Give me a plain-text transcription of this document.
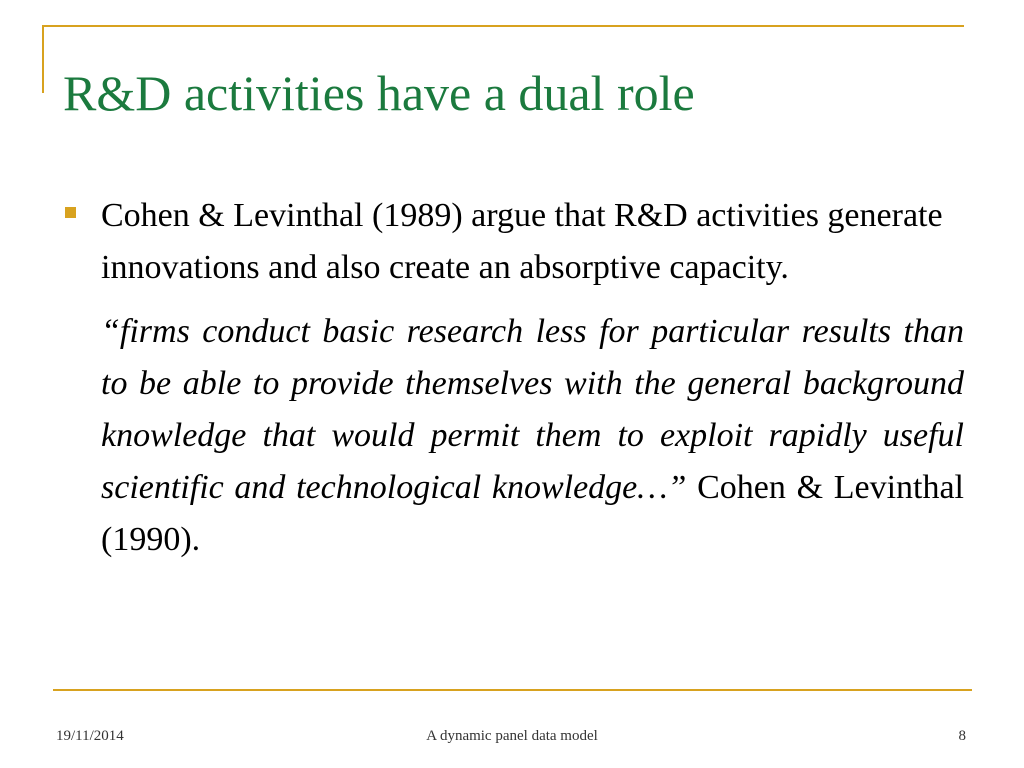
R&D activities have a dual role

Cohen & Levinthal (1989) argue that R&D activities generate innovations and also create an absorptive capacity.

“firms conduct basic research less for particular results than to be able to provide themselves with the general background knowledge that would permit them to exploit rapidly useful scientific and technological knowledge…” Cohen & Levinthal (1990).
19/11/2014	A dynamic panel data model	8
